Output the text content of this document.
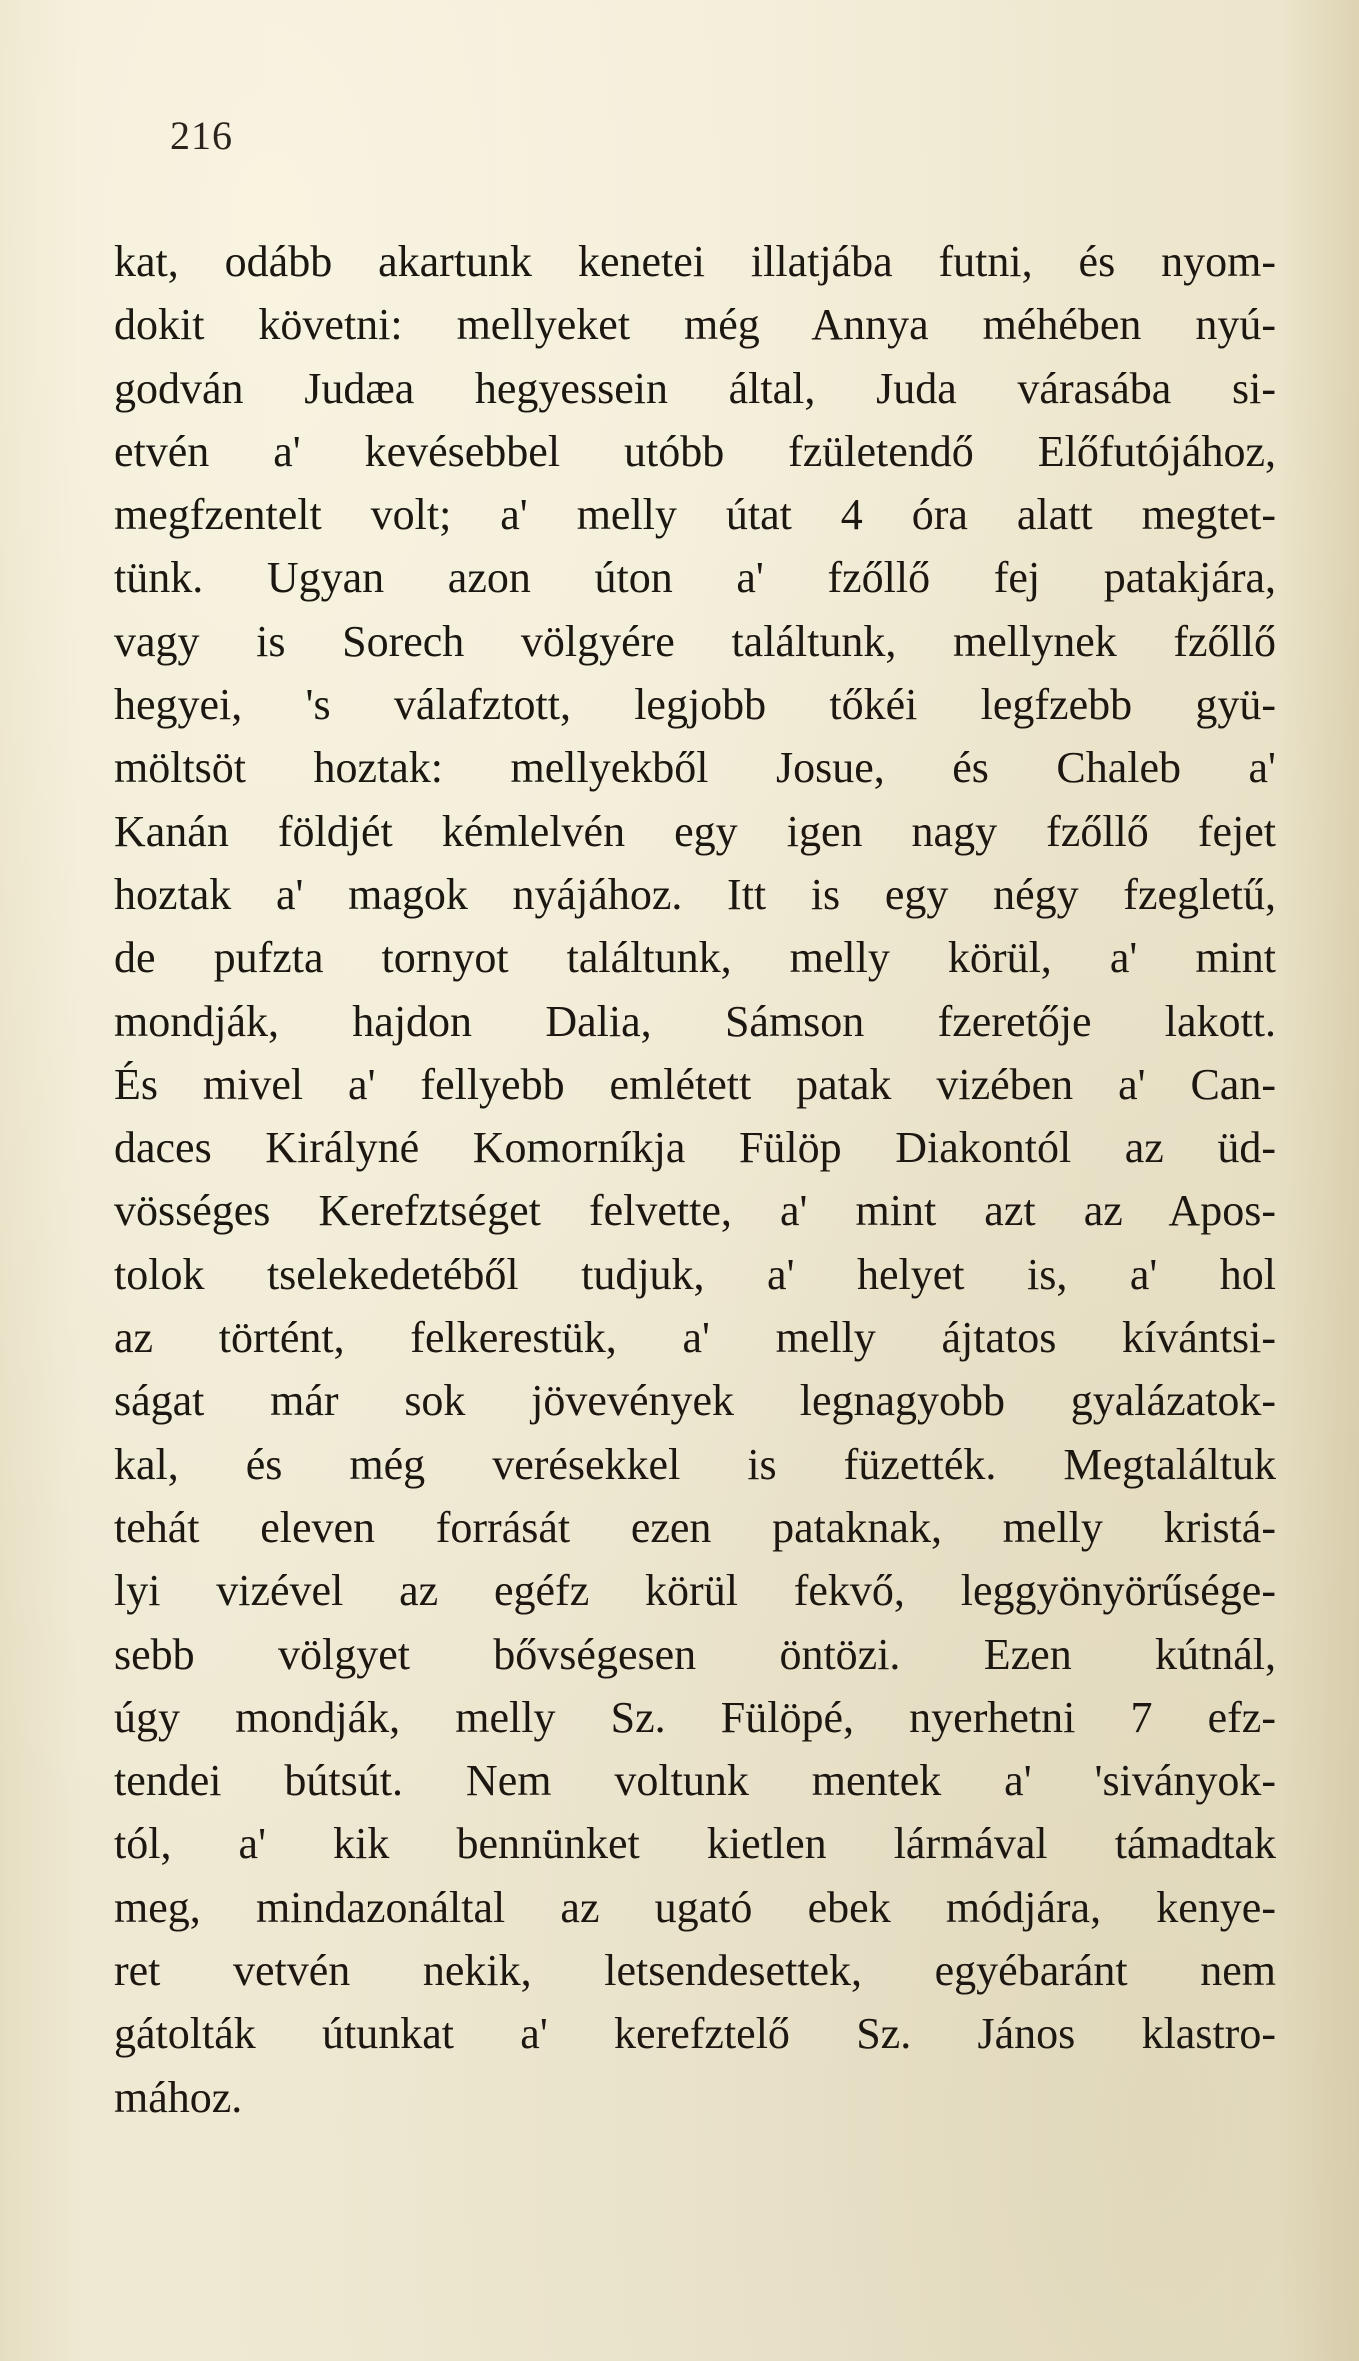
216
kat, odább akartunk kenetei illatjába futni, és nyom-
dokit követni: mellyeket még Annya méhében nyú-
godván Judæa hegyessein által, Juda várasába si-
etvén a' kevésebbel utóbb fzületendő Előfutójához,
megfzentelt volt; a' melly útat 4 óra alatt megtet-
tünk. Ugyan azon úton a' fzőllő fej patakjára,
vagy is Sorech völgyére találtunk, mellynek fzőllő
hegyei, 's válafztott, legjobb tőkéi legfzebb gyü-
möltsöt hoztak: mellyekből Josue, és Chaleb a'
Kanán földjét kémlelvén egy igen nagy fzőllő fejet
hoztak a' magok nyájához. Itt is egy négy fzegletű,
de pufzta tornyot találtunk, melly körül, a' mint
mondják, hajdon Dalia, Sámson fzeretője lakott.
És mivel a' fellyebb emlétett patak vizében a' Can-
daces Királyné Komorníkja Fülöp Diakontól az üd-
vösséges Kerefztséget felvette, a' mint azt az Apos-
tolok tselekedetéből tudjuk, a' helyet is, a' hol
az történt, felkerestük, a' melly ájtatos kívántsi-
ságat már sok jövevények legnagyobb gyalázatok-
kal, és még verésekkel is füzették. Megtaláltuk
tehát eleven forrását ezen pataknak, melly kristá-
lyi vizével az egéfz körül fekvő, leggyönyörűsége-
sebb völgyet bővségesen öntözi. Ezen kútnál,
úgy mondják, melly Sz. Fülöpé, nyerhetni 7 efz-
tendei bútsút. Nem voltunk mentek a' 'siványok-
tól, a' kik bennünket kietlen lármával támadtak
meg, mindazonáltal az ugató ebek módjára, kenye-
ret vetvén nekik, letsendesettek, egyébaránt nem
gátolták útunkat a' kerefztelő Sz. János klastro-
mához.
